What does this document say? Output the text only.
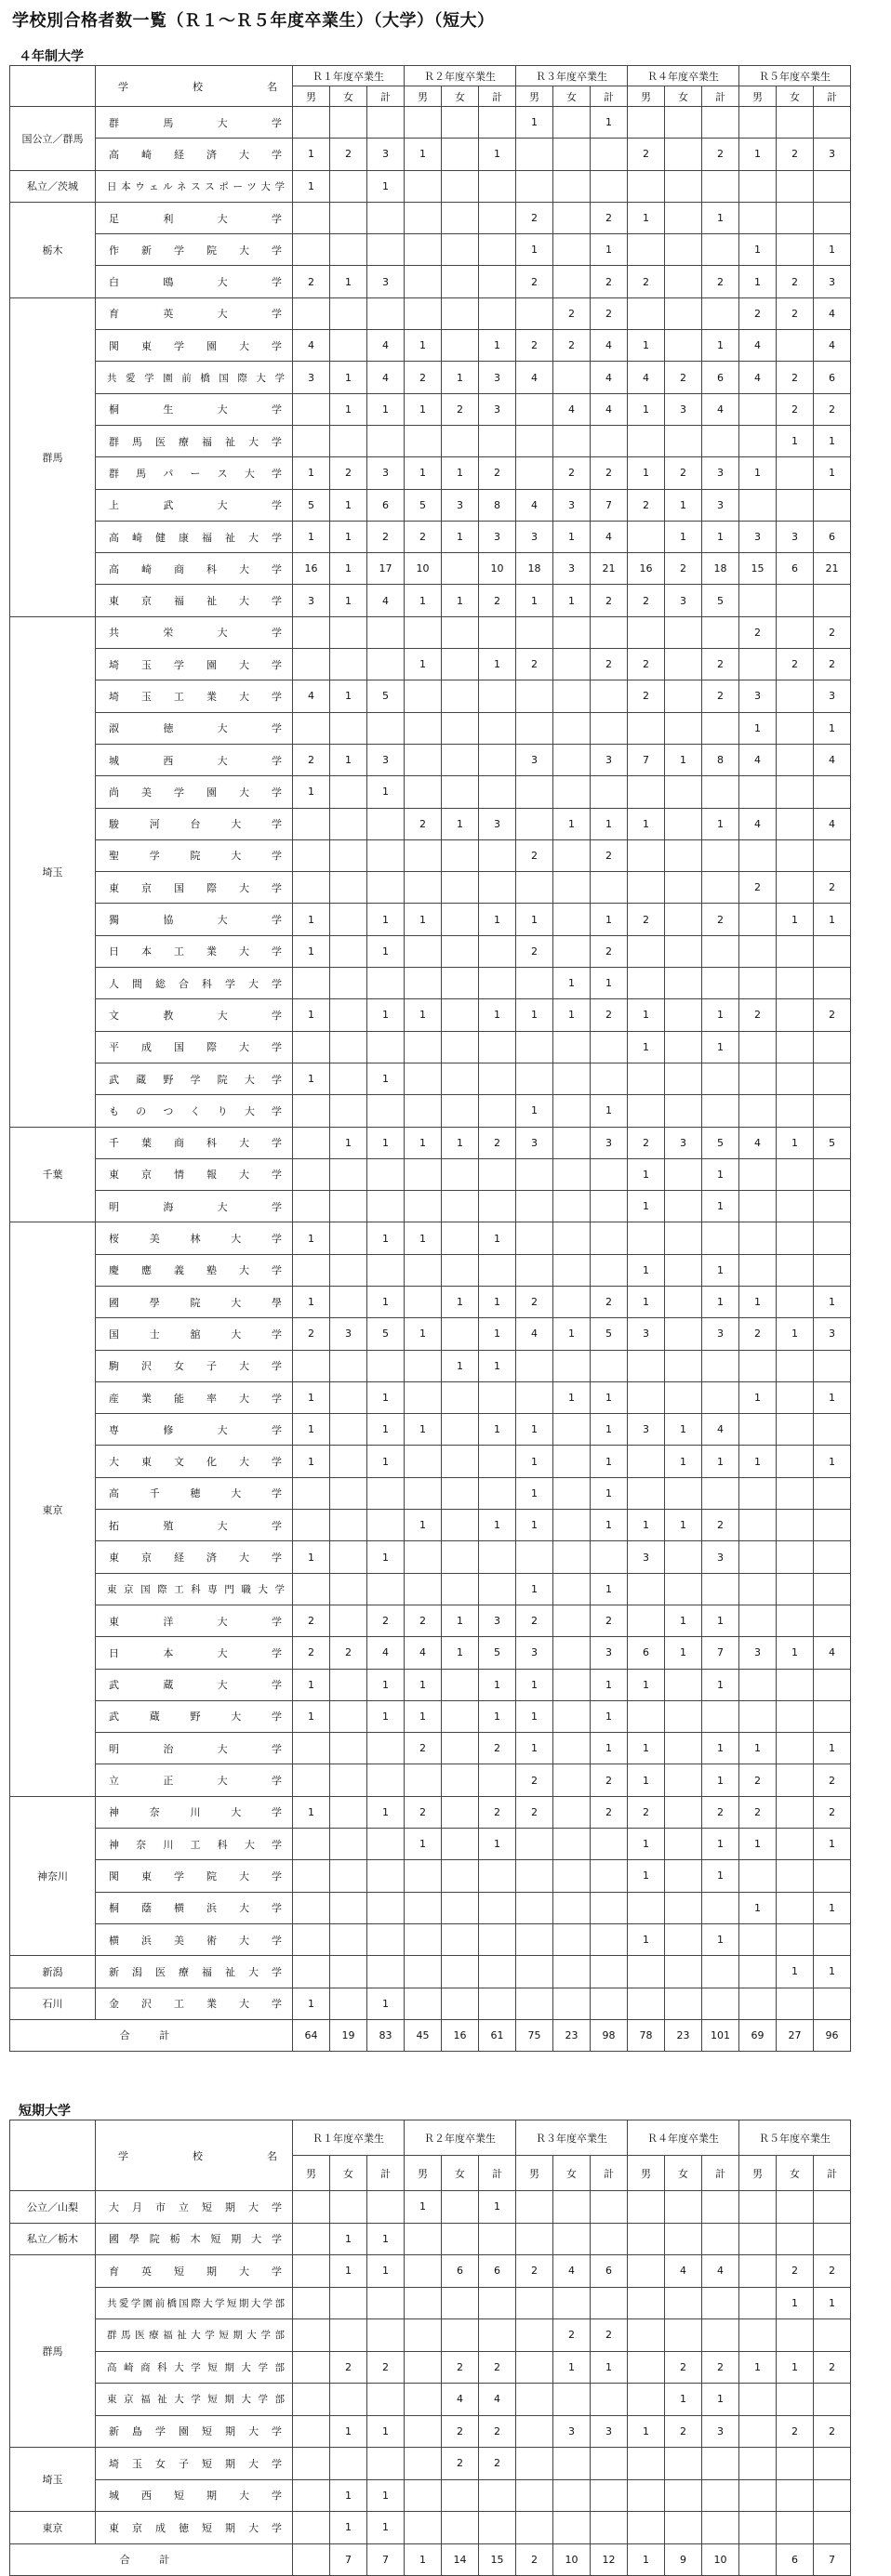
学校別合格者数一覧（Ｒ１～Ｒ５年度卒業生）（大学）（短大）
４年制大学
	学 校 名	Ｒ１年度卒業生			Ｒ２年度卒業生			Ｒ３年度卒業生			Ｒ４年度卒業生			Ｒ５年度卒業生		
		男	女	計	男	女	計	男	女	計	男	女	計	男	女	計
国公立／群馬	群 馬 大 学							1		1						
	高 崎 経 済 大 学	1	2	3	1		1				2		2	1	2	3
私立／茨城	日本ウェルネススポーツ大学	1		1												
栃木	足 利 大 学							2		2	1		1			
	作 新 学 院 大 学							1		1				1		1
	白 鴎 大 学	2	1	3				2		2	2		2	1	2	3
群馬	育 英 大 学								2	2				2	2	4
	関 東 学 園 大 学	4		4	1		1	2	2	4	1		1	4		4
	共 愛 学 園 前 橋 国 際 大 学	3	1	4	2	1	3	4		4	4	2	6	4	2	6
	桐 生 大 学		1	1	1	2	3		4	4	1	3	4		2	2
	群 馬 医 療 福 祉 大 学														1	1
	群 馬 パ ー ス 大 学	1	2	3	1	1	2		2	2	1	2	3	1		1
	上 武 大 学	5	1	6	5	3	8	4	3	7	2	1	3			
	高 崎 健 康 福 祉 大 学	1	1	2	2	1	3	3	1	4		1	1	3	3	6
	高 崎 商 科 大 学	16	1	17	10		10	18	3	21	16	2	18	15	6	21
	東 京 福 祉 大 学	3	1	4	1	1	2	1	1	2	2	3	5			
埼玉	共 栄 大 学													2		2
	埼 玉 学 園 大 学				1		1	2		2	2		2		2	2
	埼 玉 工 業 大 学	4	1	5							2		2	3		3
	淑 徳 大 学													1		1
	城 西 大 学	2	1	3				3		3	7	1	8	4		4
	尚 美 学 園 大 学	1		1												
	駿 河 台 大 学				2	1	3		1	1	1		1	4		4
	聖 学 院 大 学							2		2						
	東 京 国 際 大 学													2		2
	獨 協 大 学	1		1	1		1	1		1	2		2		1	1
	日 本 工 業 大 学	1		1				2		2						
	人 間 総 合 科 学 大 学								1	1						
	文 教 大 学	1		1	1		1	1	1	2	1		1	2		2
	平 成 国 際 大 学										1		1			
	武 蔵 野 学 院 大 学	1		1												
	も の つ く り 大 学							1		1						
千葉	千 葉 商 科 大 学		1	1	1	1	2	3		3	2	3	5	4	1	5
	東 京 情 報 大 学										1		1			
	明 海 大 学										1		1			
東京	桜 美 林 大 学	1		1	1		1									
	慶 應 義 塾 大 学										1		1			
	國 學 院 大 學	1		1		1	1	2		2	1		1	1		1
	国 士 舘 大 学	2	3	5	1		1	4	1	5	3		3	2	1	3
	駒 沢 女 子 大 学					1	1									
	産 業 能 率 大 学	1		1					1	1				1		1
	専 修 大 学	1		1	1		1	1		1	3	1	4			
	大 東 文 化 大 学	1		1				1		1		1	1	1		1
	高 千 穂 大 学							1		1						
	拓 殖 大 学				1		1	1		1	1	1	2			
	東 京 経 済 大 学	1		1							3		3			
	東京国際工科専門職大学							1		1						
	東 洋 大 学	2		2	2	1	3	2		2		1	1			
	日 本 大 学	2	2	4	4	1	5	3		3	6	1	7	3	1	4
	武 蔵 大 学	1		1	1		1	1		1	1		1			
	武 蔵 野 大 学	1		1	1		1	1		1						
	明 治 大 学				2		2	1		1	1		1	1		1
	立 正 大 学							2		2	1		1	2		2
神奈川	神 奈 川 大 学	1		1	2		2	2		2	2		2	2		2
	神 奈 川 工 科 大 学				1		1				1		1	1		1
	関 東 学 院 大 学										1		1			
	桐 蔭 横 浜 大 学													1		1
	横 浜 美 術 大 学										1		1			
新潟	新 潟 医 療 福 祉 大 学														1	1
石川	金 沢 工 業 大 学	1		1												
合 計		64	19	83	45	16	61	75	23	98	78	23	101	69	27	96
短期大学
	学 校 名	Ｒ１年度卒業生			Ｒ２年度卒業生			Ｒ３年度卒業生			Ｒ４年度卒業生			Ｒ５年度卒業生		
		男	女	計	男	女	計	男	女	計	男	女	計	男	女	計
公立／山梨	大 月 市 立 短 期 大 学				1		1									
私立／栃木	國 學 院 栃 木 短 期 大 学		1	1												
群馬	育 英 短 期 大 学		1	1		6	6	2	4	6		4	4		2	2
	共愛学園前橋国際大学短期大学部														1	1
	群馬医療福祉大学短期大学部								2	2						
	高崎商科大学短期大学部		2	2		2	2		1	1		2	2	1	1	2
	東京福祉大学短期大学部					4	4					1	1			
	新 島 学 園 短 期 大 学		1	1		2	2		3	3	1	2	3		2	2
埼玉	埼 玉 女 子 短 期 大 学					2	2									
	城 西 短 期 大 学		1	1												
東京	東 京 成 徳 短 期 大 学		1	1												
合 計			7	7	1	14	15	2	10	12	1	9	10		6	7
